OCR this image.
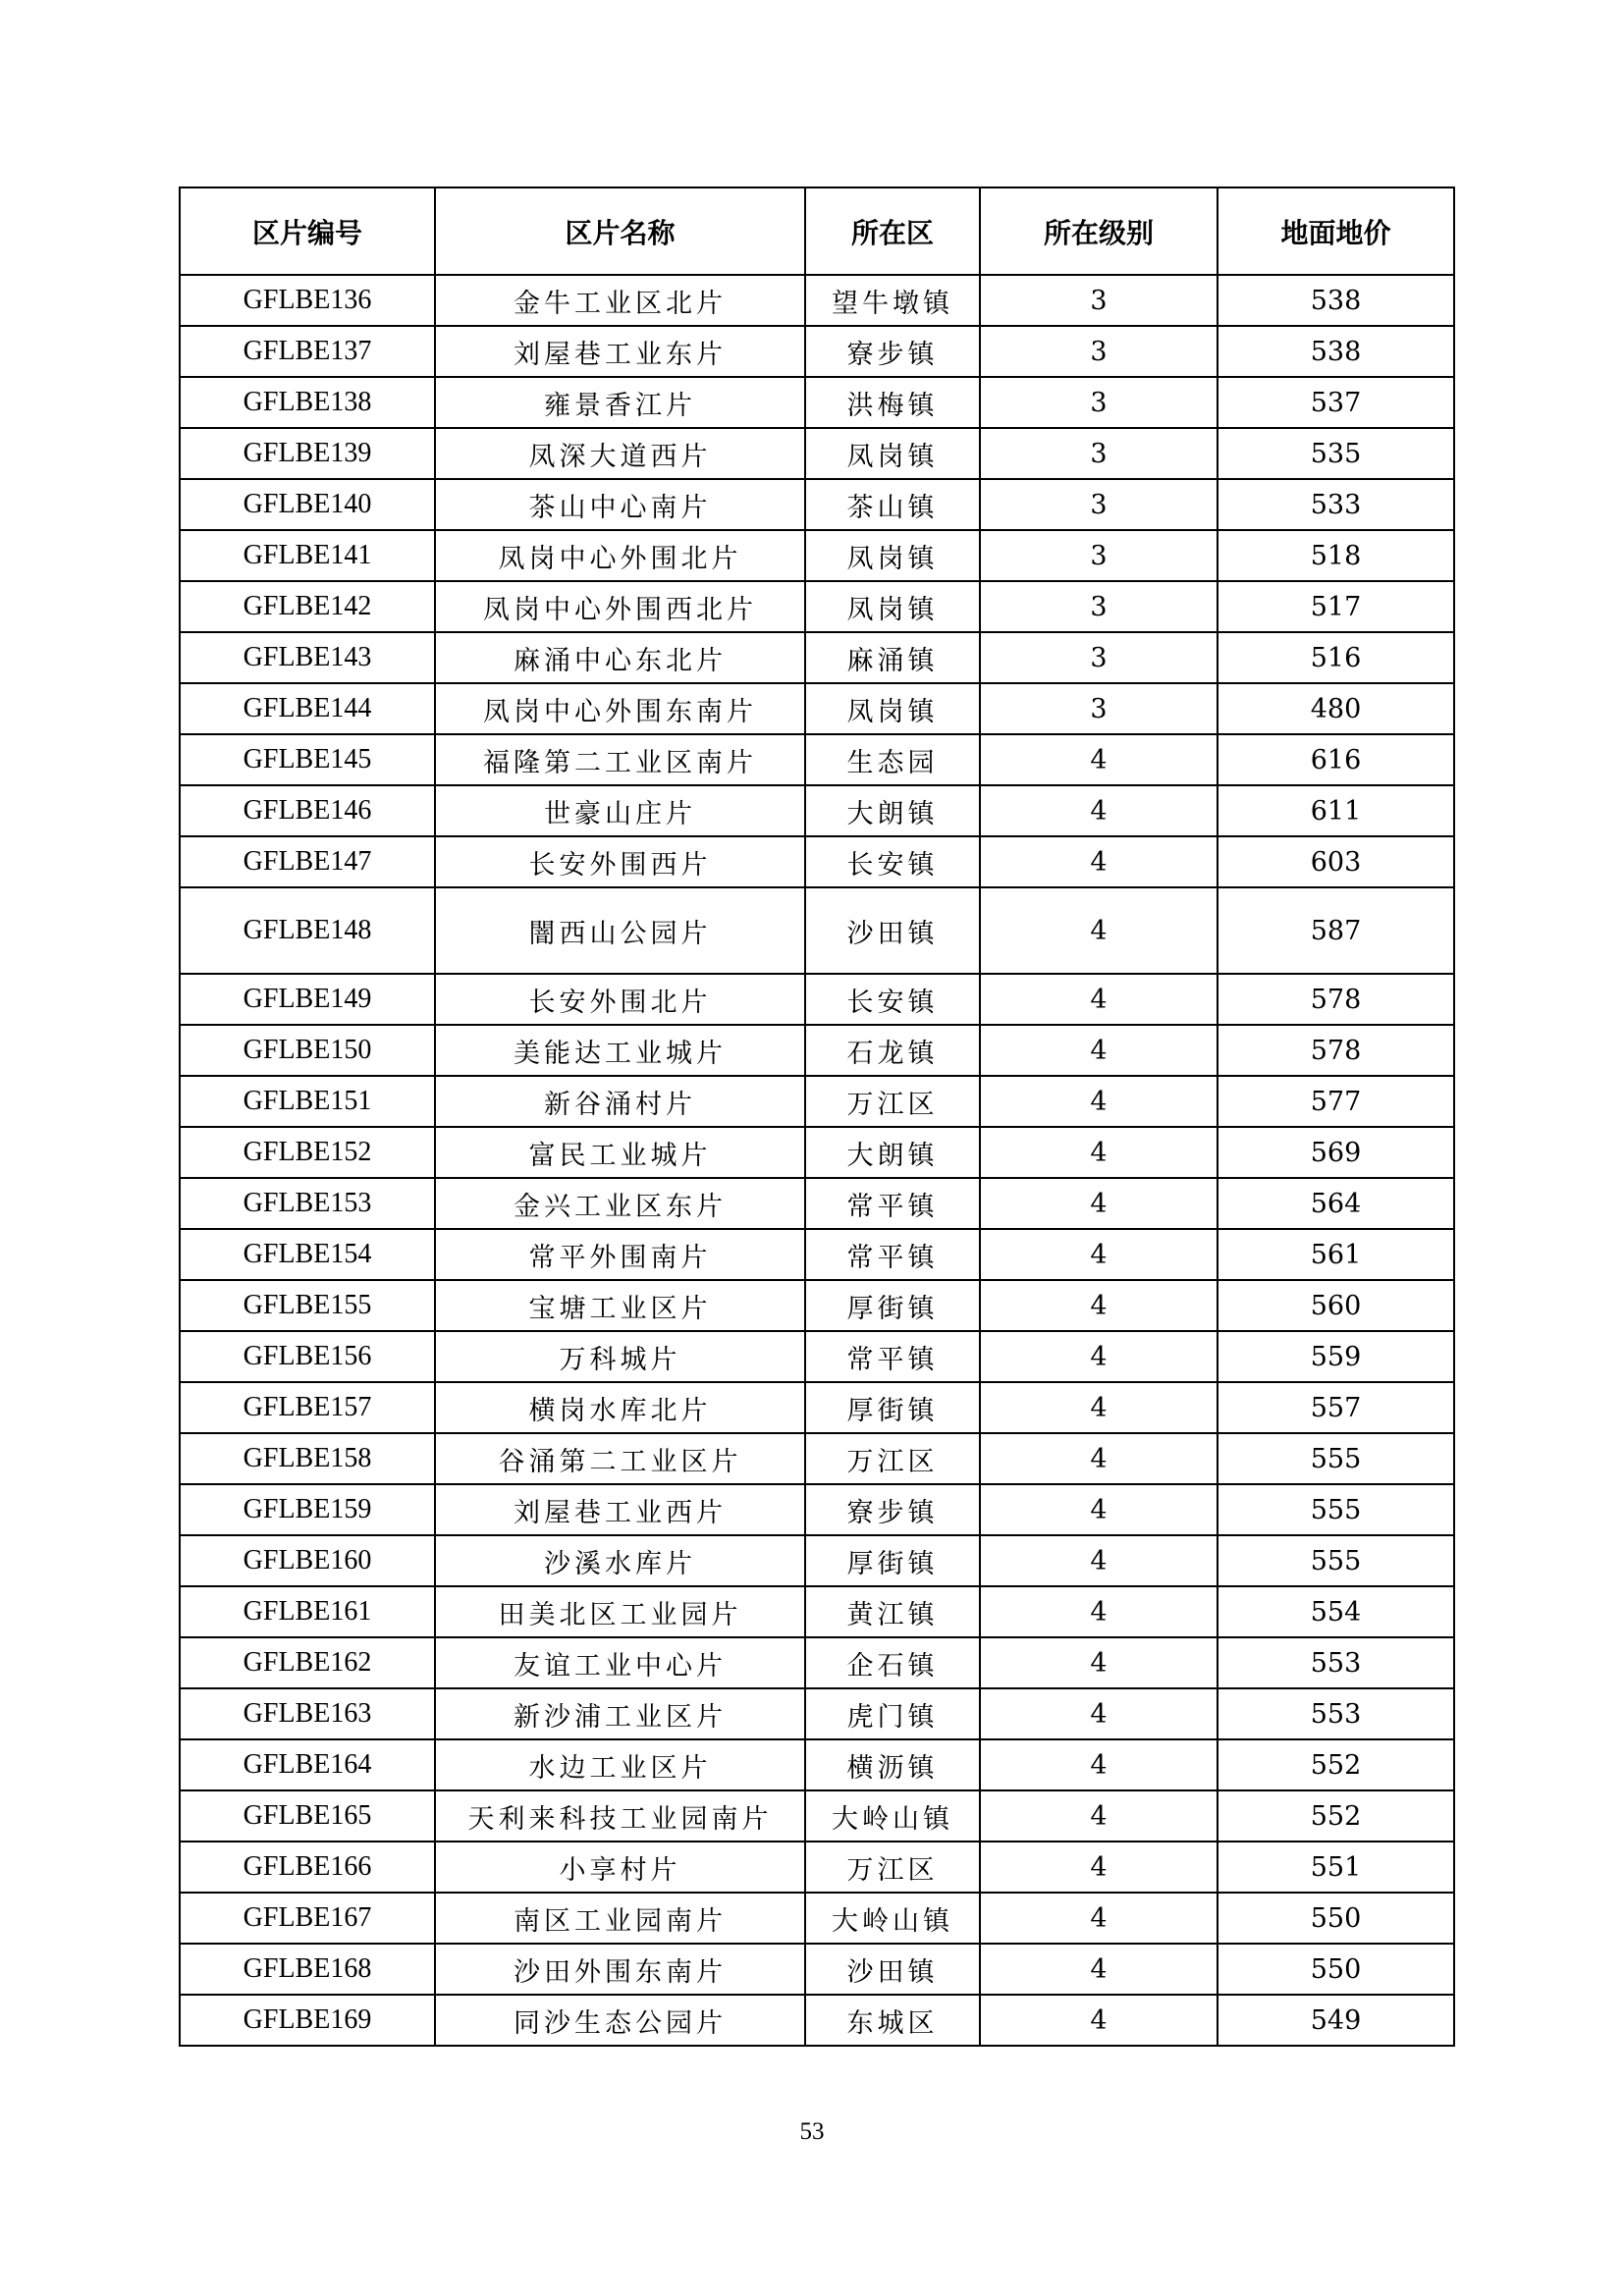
区片编号	区片名称	所在区	所在级别	地面地价
GFLBE136	金牛工业区北片	望牛墩镇	3	538
GFLBE137	刘屋巷工业东片	寮步镇	3	538
GFLBE138	雍景香江片	洪梅镇	3	537
GFLBE139	凤深大道西片	凤岗镇	3	535
GFLBE140	茶山中心南片	茶山镇	3	533
GFLBE141	凤岗中心外围北片	凤岗镇	3	518
GFLBE142	凤岗中心外围西北片	凤岗镇	3	517
GFLBE143	麻涌中心东北片	麻涌镇	3	516
GFLBE144	凤岗中心外围东南片	凤岗镇	3	480
GFLBE145	福隆第二工业区南片	生态园	4	616
GFLBE146	世豪山庄片	大朗镇	4	611
GFLBE147	长安外围西片	长安镇	4	603
GFLBE148	闇西山公园片	沙田镇	4	587
GFLBE149	长安外围北片	长安镇	4	578
GFLBE150	美能达工业城片	石龙镇	4	578
GFLBE151	新谷涌村片	万江区	4	577
GFLBE152	富民工业城片	大朗镇	4	569
GFLBE153	金兴工业区东片	常平镇	4	564
GFLBE154	常平外围南片	常平镇	4	561
GFLBE155	宝塘工业区片	厚街镇	4	560
GFLBE156	万科城片	常平镇	4	559
GFLBE157	横岗水库北片	厚街镇	4	557
GFLBE158	谷涌第二工业区片	万江区	4	555
GFLBE159	刘屋巷工业西片	寮步镇	4	555
GFLBE160	沙溪水库片	厚街镇	4	555
GFLBE161	田美北区工业园片	黄江镇	4	554
GFLBE162	友谊工业中心片	企石镇	4	553
GFLBE163	新沙浦工业区片	虎门镇	4	553
GFLBE164	水边工业区片	横沥镇	4	552
GFLBE165	天利来科技工业园南片	大岭山镇	4	552
GFLBE166	小享村片	万江区	4	551
GFLBE167	南区工业园南片	大岭山镇	4	550
GFLBE168	沙田外围东南片	沙田镇	4	550
GFLBE169	同沙生态公园片	东城区	4	549
53
